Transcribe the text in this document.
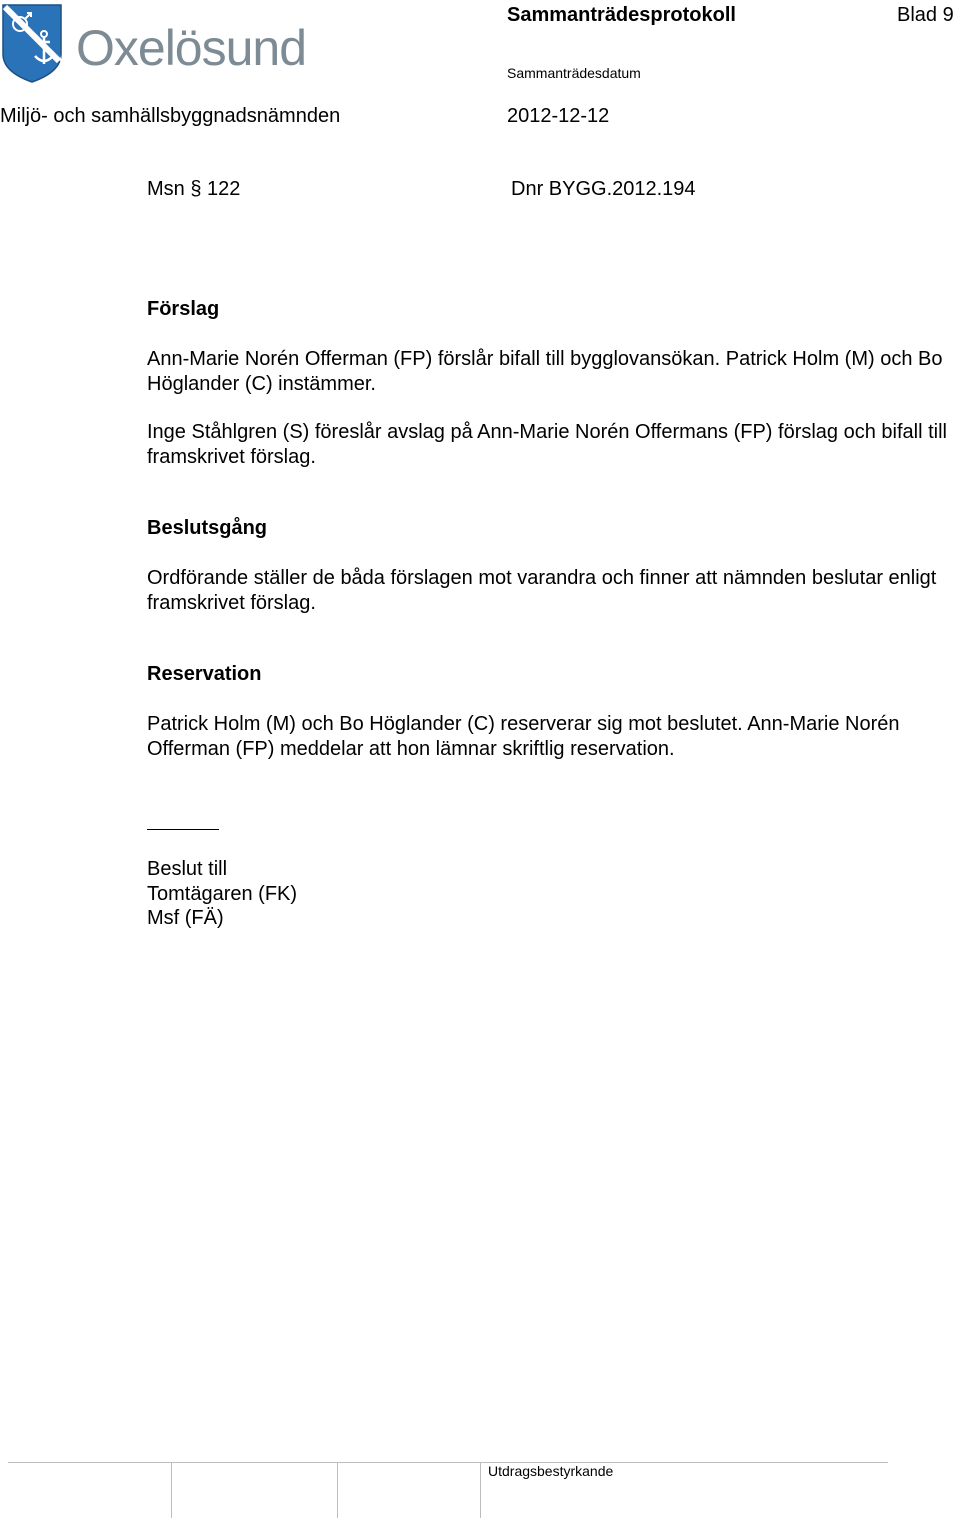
Oxelösund
Sammanträdesprotokoll	Blad 9
Sammanträdesdatum
Miljö- och samhällsbyggnadsnämnden	2012-12-12
Msn § 122	Dnr BYGG.2012.194
Förslag
Ann-Marie Norén Offerman (FP) förslår bifall till bygglovansökan. Patrick Holm (M) och Bo Höglander (C) instämmer.
Inge Ståhlgren (S) föreslår avslag på Ann-Marie Norén Offermans (FP) förslag och bifall till framskrivet förslag.
Beslutsgång
Ordförande ställer de båda förslagen mot varandra och finner att nämnden beslutar enligt framskrivet förslag.
Reservation
Patrick Holm (M) och Bo Höglander (C) reserverar sig mot beslutet. Ann-Marie Norén Offerman (FP) meddelar att hon lämnar skriftlig reservation.
Beslut till
Tomtägaren (FK)
Msf (FÄ)
Utdragsbestyrkande
